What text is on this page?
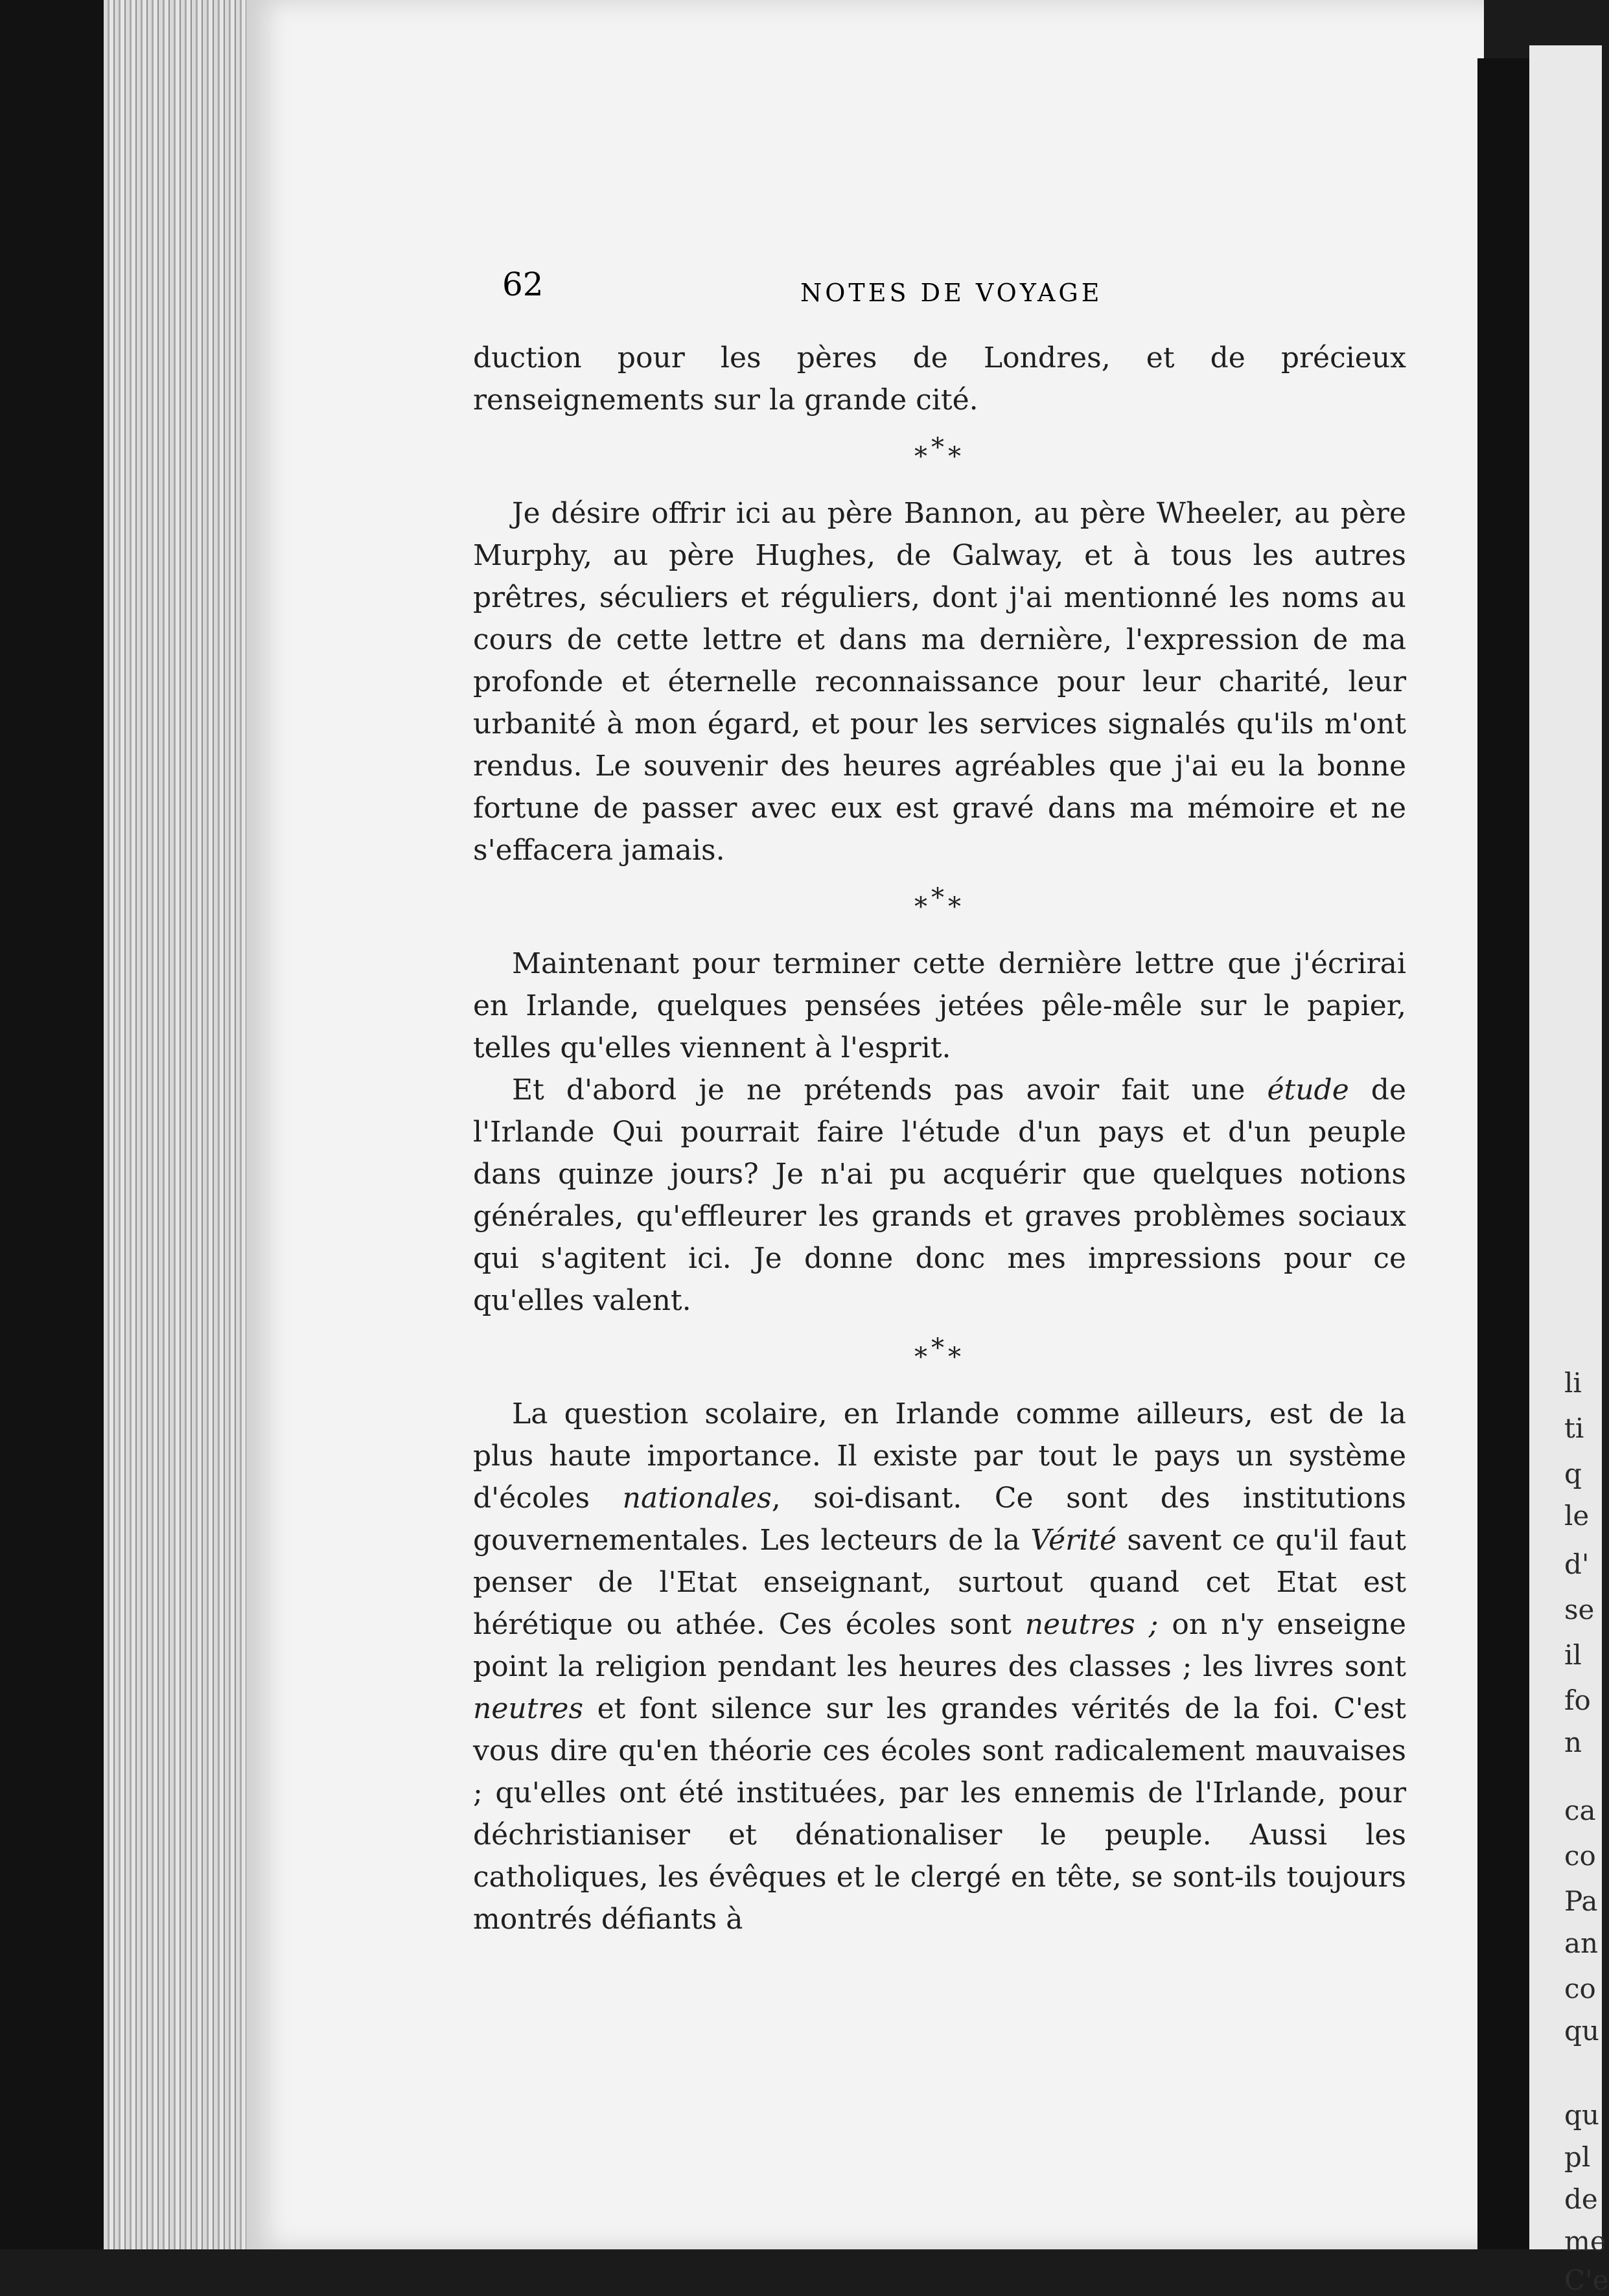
li
ti
q
le
d'
se
il
fo
n
ca
co
Pa
an
co
qu
qu
pl
de
me
C'e
62	NOTES DE VOYAGE

duction pour les pères de Londres, et de précieux renseignements sur la grande cité.

***

Je désire offrir ici au père Bannon, au père Wheeler, au père Murphy, au père Hughes, de Galway, et à tous les autres prêtres, séculiers et réguliers, dont j'ai mentionné les noms au cours de cette lettre et dans ma dernière, l'expression de ma profonde et éternelle reconnaissance pour leur charité, leur urbanité à mon égard, et pour les services signalés qu'ils m'ont rendus. Le souvenir des heures agréables que j'ai eu la bonne fortune de passer avec eux est gravé dans ma mémoire et ne s'effacera jamais.

***

Maintenant pour terminer cette dernière lettre que j'écrirai en Irlande, quelques pensées jetées pêle-mêle sur le papier, telles qu'elles viennent à l'esprit.

Et d'abord je ne prétends pas avoir fait une étude de l'Irlande Qui pourrait faire l'étude d'un pays et d'un peuple dans quinze jours? Je n'ai pu acquérir que quelques notions générales, qu'effleurer les grands et graves problèmes sociaux qui s'agitent ici. Je donne donc mes impressions pour ce qu'elles valent.

***

La question scolaire, en Irlande comme ailleurs, est de la plus haute importance. Il existe par tout le pays un système d'écoles nationales, soi-disant. Ce sont des institutions gouvernementales. Les lecteurs de la Vérité savent ce qu'il faut penser de l'Etat enseignant, surtout quand cet Etat est hérétique ou athée. Ces écoles sont neutres ; on n'y enseigne point la religion pendant les heures des classes ; les livres sont neutres et font silence sur les grandes vérités de la foi. C'est vous dire qu'en théorie ces écoles sont radicalement mauvaises ; qu'elles ont été instituées, par les ennemis de l'Irlande, pour déchristianiser et dénationaliser le peuple. Aussi les catholiques, les évêques et le clergé en tête, se sont-ils toujours montrés défiants à
